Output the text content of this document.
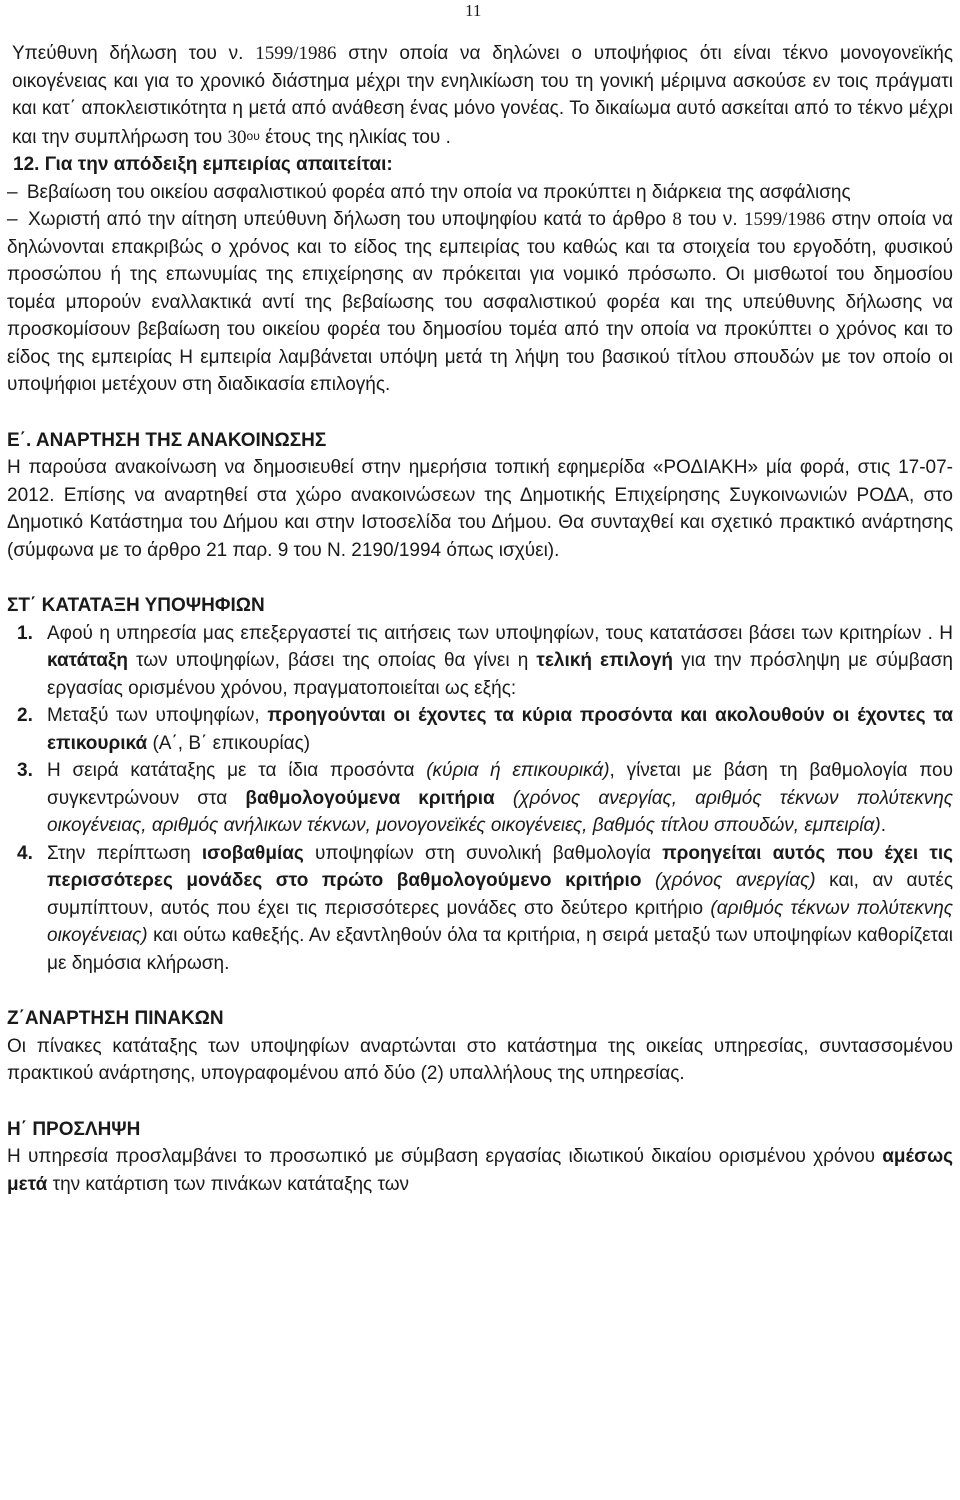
11

Υπεύθυνη δήλωση του ν. 1599/1986 στην οποία να δηλώνει ο υποψήφιος ότι είναι τέκνο μονογονεϊκής οικογένειας και για το χρονικό διάστημα μέχρι την ενηλικίωση του τη γονική μέριμνα ασκούσε εν τοις πράγματι και κατ΄ αποκλειστικότητα η μετά από ανάθεση ένας μόνο γονέας. Το δικαίωμα αυτό ασκείται από το τέκνο μέχρι και την συμπλήρωση του $30^{o\upsilon}$ έτους της ηλικίας του .

12. Για την απόδειξη εμπειρίας απαιτείται:

– Βεβαίωση του οικείου ασφαλιστικού φορέα από την οποία να προκύπτει η διάρκεια της ασφάλισης

– Χωριστή από την αίτηση υπεύθυνη δήλωση του υποψηφίου κατά το άρθρο 8 του ν. 1599/1986 στην οποία να δηλώνονται επακριβώς ο χρόνος και το είδος της εμπειρίας του καθώς και τα στοιχεία του εργοδότη, φυσικού προσώπου ή της επωνυμίας της επιχείρησης αν πρόκειται για νομικό πρόσωπο. Οι μισθωτοί του δημοσίου τομέα μπορούν εναλλακτικά αντί της βεβαίωσης του ασφαλιστικού φορέα και της υπεύθυνης δήλωσης να προσκομίσουν βεβαίωση του οικείου φορέα του δημοσίου τομέα από την οποία να προκύπτει ο χρόνος και το είδος της εμπειρίας Η εμπειρία λαμβάνεται υπόψη μετά τη λήψη του βασικού τίτλου σπουδών με τον οποίο οι υποψήφιοι μετέχουν στη διαδικασία επιλογής.

Ε΄. ΑΝΑΡΤΗΣΗ ΤΗΣ ΑΝΑΚΟΙΝΩΣΗΣ

Η παρούσα ανακοίνωση να δημοσιευθεί στην ημερήσια τοπική εφημερίδα «ΡΟΔΙΑΚΗ» μία φορά, στις 17-07-2012. Επίσης να αναρτηθεί στα χώρο ανακοινώσεων της Δημοτικής Επιχείρησης Συγκοινωνιών ΡΟΔΑ, στο Δημοτικό Κατάστημα του Δήμου και στην Ιστοσελίδα του Δήμου. Θα συνταχθεί και σχετικό πρακτικό ανάρτησης (σύμφωνα με το άρθρο 21 παρ. 9 του Ν. 2190/1994 όπως ισχύει).

ΣΤ΄ ΚΑΤΑΤΑΞΗ ΥΠΟΨΗΦΙΩΝ

1. Αφού η υπηρεσία μας επεξεργαστεί τις αιτήσεις των υποψηφίων, τους κατατάσσει βάσει των κριτηρίων . Η κατάταξη των υποψηφίων, βάσει της οποίας θα γίνει η τελική επιλογή για την πρόσληψη με σύμβαση εργασίας ορισμένου χρόνου, πραγματοποιείται ως εξής:
2. Μεταξύ των υποψηφίων, προηγούνται οι έχοντες τα κύρια προσόντα και ακολουθούν οι έχοντες τα επικουρικά (Α΄, Β΄ επικουρίας)
3. Η σειρά κατάταξης με τα ίδια προσόντα (κύρια ή επικουρικά), γίνεται με βάση τη βαθμολογία που συγκεντρώνουν στα βαθμολογούμενα κριτήρια (χρόνος ανεργίας, αριθμός τέκνων πολύτεκνης οικογένειας, αριθμός ανήλικων τέκνων, μονογονεϊκές οικογένειες, βαθμός τίτλου σπουδών, εμπειρία).
4. Στην περίπτωση ισοβαθμίας υποψηφίων στη συνολική βαθμολογία προηγείται αυτός που έχει τις περισσότερες μονάδες στο πρώτο βαθμολογούμενο κριτήριο (χρόνος ανεργίας) και, αν αυτές συμπίπτουν, αυτός που έχει τις περισσότερες μονάδες στο δεύτερο κριτήριο (αριθμός τέκνων πολύτεκνης οικογένειας) και ούτω καθεξής. Αν εξαντληθούν όλα τα κριτήρια, η σειρά μεταξύ των υποψηφίων καθορίζεται με δημόσια κλήρωση.

Ζ΄ΑΝΑΡΤΗΣΗ ΠΙΝΑΚΩΝ

Οι πίνακες κατάταξης των υποψηφίων αναρτώνται στο κατάστημα της οικείας υπηρεσίας, συντασσομένου πρακτικού ανάρτησης, υπογραφομένου από δύο (2) υπαλλήλους της υπηρεσίας.

Η΄ ΠΡΟΣΛΗΨΗ

Η υπηρεσία προσλαμβάνει το προσωπικό με σύμβαση εργασίας ιδιωτικού δικαίου ορισμένου χρόνου αμέσως μετά την κατάρτιση των πινάκων κατάταξης των
